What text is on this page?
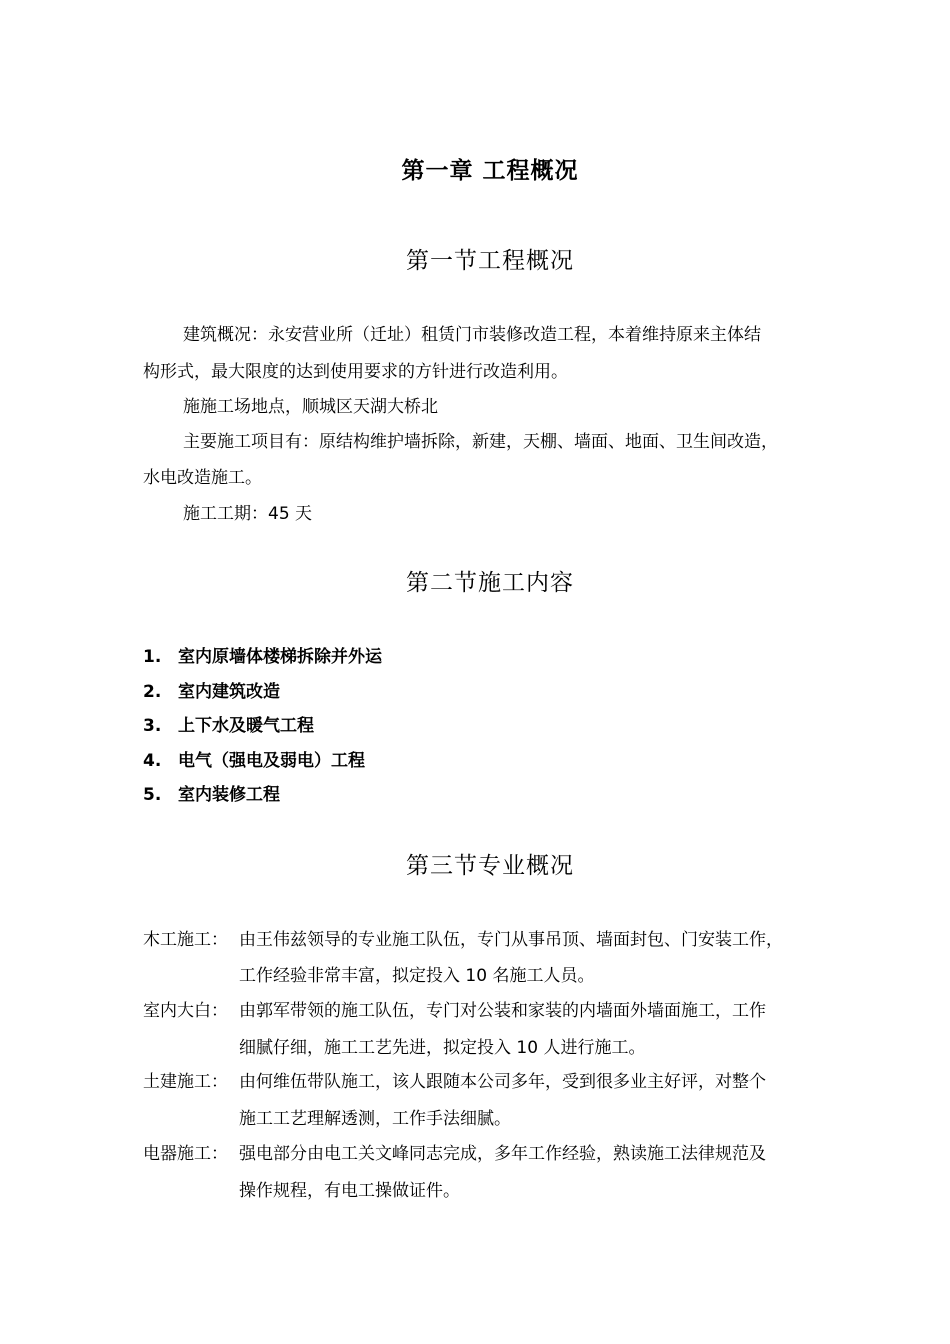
第一章 工程概况
第一节工程概况
建筑概况：永安营业所（迁址）租赁门市装修改造工程，本着维持原来主体结
构形式，最大限度的达到使用要求的方针进行改造利用。
施施工场地点，顺城区天湖大桥北
主要施工项目有：原结构维护墙拆除，新建，天棚、墙面、地面、卫生间改造，
水电改造施工。
施工工期：45 天
第二节施工内容
1. 室内原墙体楼梯拆除并外运
2. 室内建筑改造
3. 上下水及暖气工程
4. 电气（强电及弱电）工程
5. 室内装修工程
第三节专业概况
木工施工： 由王伟兹领导的专业施工队伍，专门从事吊顶、墙面封包、门安装工作，
工作经验非常丰富，拟定投入 10 名施工人员。
室内大白： 由郭军带领的施工队伍，专门对公装和家装的内墙面外墙面施工，工作
细腻仔细，施工工艺先进，拟定投入 10 人进行施工。
土建施工： 由何维伍带队施工，该人跟随本公司多年，受到很多业主好评，对整个
施工工艺理解透测，工作手法细腻。
电器施工： 强电部分由电工关文峰同志完成，多年工作经验，熟读施工法律规范及
操作规程，有电工操做证件。
